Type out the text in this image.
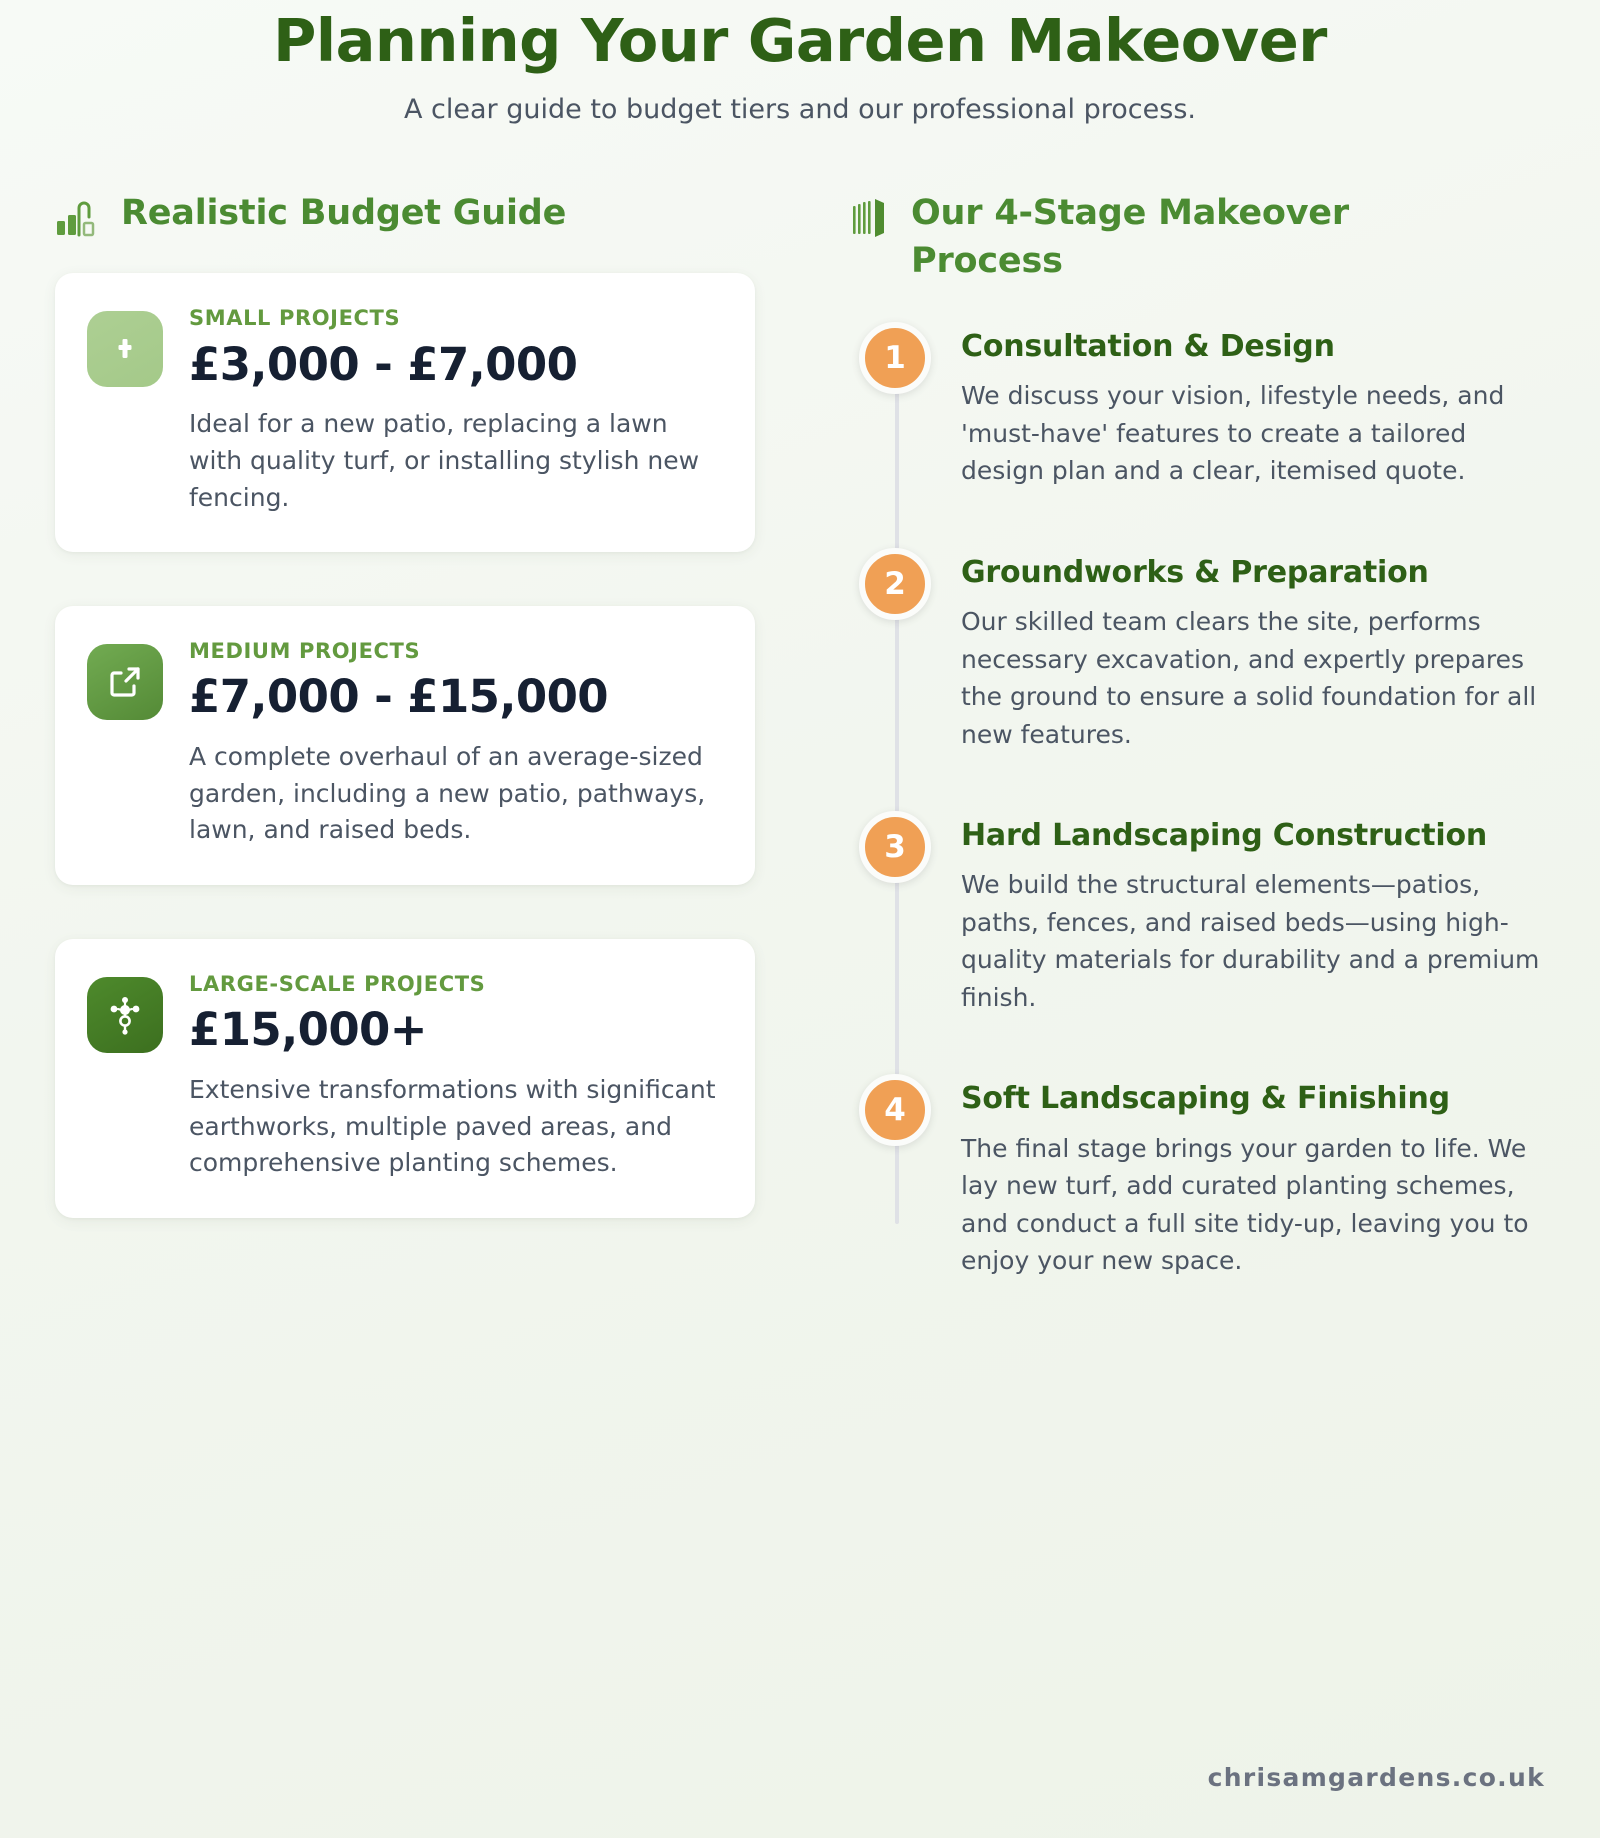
Planning Your Garden Makeover
A clear guide to budget tiers and our professional process.
Realistic Budget Guide
SMALL PROJECTS
£3,000 - £7,000
Ideal for a new patio, replacing a lawn with quality turf, or installing stylish new fencing.
MEDIUM PROJECTS
£7,000 - £15,000
A complete overhaul of an average-sized garden, including a new patio, pathways, lawn, and raised beds.
LARGE-SCALE PROJECTS
£15,000+
Extensive transformations with significant earthworks, multiple paved areas, and comprehensive planting schemes.
Our 4-Stage Makeover Process
1	Consultation & Design
We discuss your vision, lifestyle needs, and 'must-have' features to create a tailored design plan and a clear, itemised quote.
2	Groundworks & Preparation
Our skilled team clears the site, performs necessary excavation, and expertly prepares the ground to ensure a solid foundation for all new features.
3	Hard Landscaping Construction
We build the structural elements—patios, paths, fences, and raised beds—using high-quality materials for durability and a premium finish.
4	Soft Landscaping & Finishing
The final stage brings your garden to life. We lay new turf, add curated planting schemes, and conduct a full site tidy-up, leaving you to enjoy your new space.
chrisamgardens.co.uk
